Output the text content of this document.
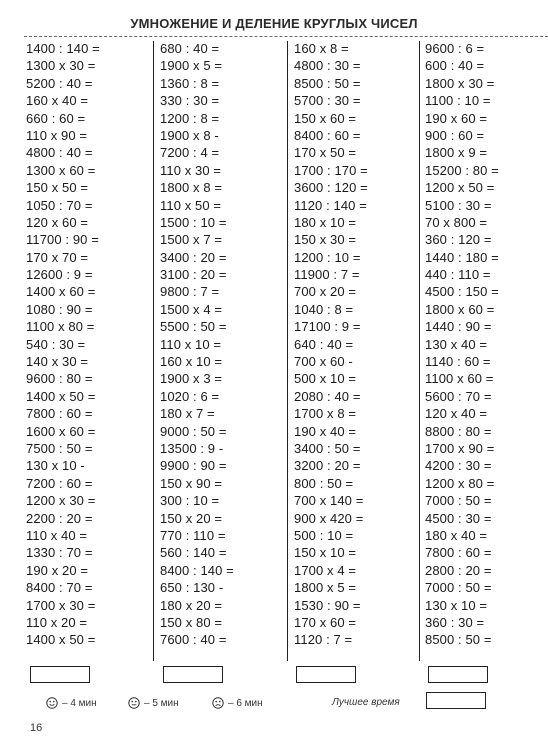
УМНОЖЕНИЕ И ДЕЛЕНИЕ КРУГЛЫХ ЧИСЕЛ
1400 : 140 =
1300 x 30 =
5200 : 40 =
160 x 40 =
660 : 60 =
110 x 90 =
4800 : 40 =
1300 x 60 =
150 x 50 =
1050 : 70 =
120 x 60 =
11700 : 90 =
170 x 70 =
12600 : 9 =
1400 x 60 =
1080 : 90 =
1100 x 80 =
540 : 30 =
140 x 30 =
9600 : 80 =
1400 x 50 =
7800 : 60 =
1600 x 60 =
7500 : 50 =
130 x 10 -
7200 : 60 =
1200 x 30 =
2200 : 20 =
110 x 40 =
1330 : 70 =
190 x 20 =
8400 : 70 =
1700 x 30 =
110 x 20 =
1400 x 50 =
680 : 40 =
1900 x 5 =
1360 : 8 =
330 : 30 =
1200 : 8 =
1900 x 8 -
7200 : 4 =
110 x 30 =
1800 x 8 =
110 x 50 =
1500 : 10 =
1500 x 7 =
3400 : 20 =
3100 : 20 =
9800 : 7 =
1500 x 4 =
5500 : 50 =
110 x 10 =
160 x 10 =
1900 x 3 =
1020 : 6 =
180 x 7 =
9000 : 50 =
13500 : 9 -
9900 : 90 =
150 x 90 =
300 : 10 =
150 x 20 =
770 : 110 =
560 : 140 =
8400 : 140 =
650 : 130 -
180 x 20 =
150 x 80 =
7600 : 40 =
160 x 8 =
4800 : 30 =
8500 : 50 =
5700 : 30 =
150 x 60 =
8400 : 60 =
170 x 50 =
1700 : 170 =
3600 : 120 =
1120 : 140 =
180 x 10 =
150 x 30 =
1200 : 10 =
11900 : 7 =
700 x 20 =
1040 : 8 =
17100 : 9 =
640 : 40 =
700 x 60 -
500 x 10 =
2080 : 40 =
1700 x 8 =
190 x 40 =
3400 : 50 =
3200 : 20 =
800 : 50 =
700 x 140 =
900 x 420 =
500 : 10 =
150 x 10 =
1700 x 4 =
1800 x 5 =
1530 : 90 =
170 x 60 =
1120 : 7 =
9600 : 6 =
600 : 40 =
1800 x 30 =
1100 : 10 =
190 x 60 =
900 : 60 =
1800 x 9 =
15200 : 80 =
1200 x 50 =
5100 : 30 =
70 x 800 =
360 : 120 =
1440 : 180 =
440 : 110 =
4500 : 150 =
1800 x 60 =
1440 : 90 =
130 x 40 =
1140 : 60 =
1100 x 60 =
5600 : 70 =
120 x 40 =
8800 : 80 =
1700 x 90 =
4200 : 30 =
1200 x 80 =
7000 : 50 =
4500 : 30 =
180 x 40 =
7800 : 60 =
2800 : 20 =
7000 : 50 =
130 x 10 =
360 : 30 =
8500 : 50 =
– 4 мин	– 5 мин	– 6 мин	Лучшее время
16
